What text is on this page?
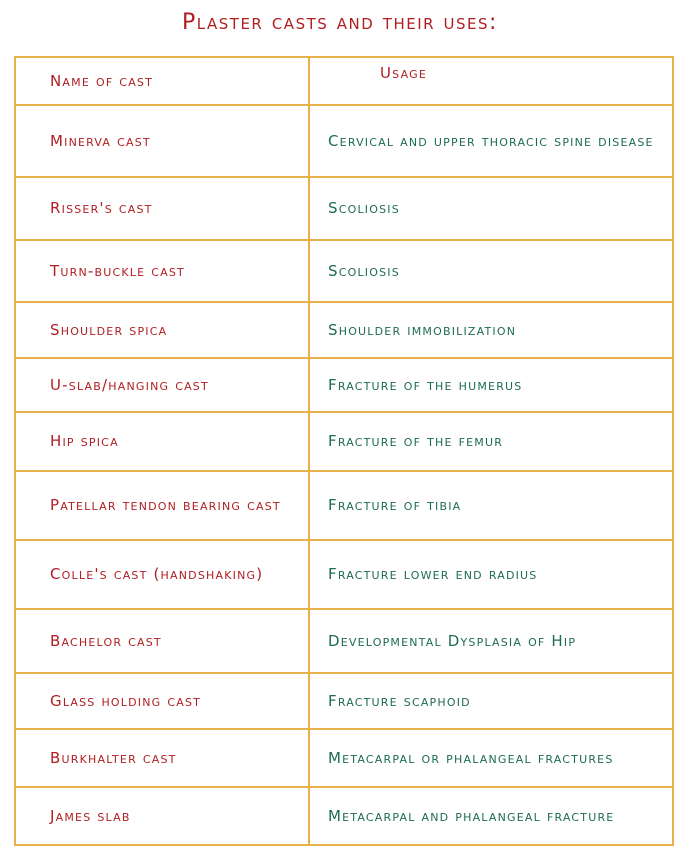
Plaster casts and their uses:
Name of cast	Usage
Minerva cast	Cervical and upper thoracic spine disease
Risser's cast	Scoliosis
Turn-buckle cast	Scoliosis
Shoulder spica	Shoulder immobilization
U-slab/hanging cast	Fracture of the humerus
Hip spica	Fracture of the femur
Patellar tendon bearing cast	Fracture of tibia
Colle's cast (handshaking)	Fracture lower end radius
Bachelor cast	Developmental Dysplasia of Hip
Glass holding cast	Fracture scaphoid
Burkhalter cast	Metacarpal or phalangeal fractures
James slab	Metacarpal and phalangeal fracture
